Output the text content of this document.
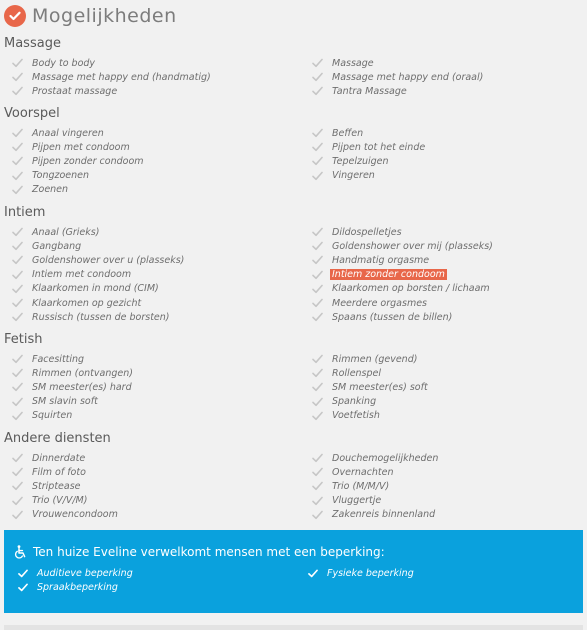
Mogelijkheden
Massage
Body to body
Massage met happy end (handmatig)
Prostaat massage
Massage
Massage met happy end (oraal)
Tantra Massage
Voorspel
Anaal vingeren
Pijpen met condoom
Pijpen zonder condoom
Tongzoenen
Zoenen
Beffen
Pijpen tot het einde
Tepelzuigen
Vingeren
Intiem
Anaal (Grieks)
Gangbang
Goldenshower over u (plasseks)
Intiem met condoom
Klaarkomen in mond (CIM)
Klaarkomen op gezicht
Russisch (tussen de borsten)
Dildospelletjes
Goldenshower over mij (plasseks)
Handmatig orgasme
Intiem zonder condoom
Klaarkomen op borsten / lichaam
Meerdere orgasmes
Spaans (tussen de billen)
Fetish
Facesitting
Rimmen (ontvangen)
SM meester(es) hard
SM slavin soft
Squirten
Rimmen (gevend)
Rollenspel
SM meester(es) soft
Spanking
Voetfetish
Andere diensten
Dinnerdate
Film of foto
Striptease
Trio (V/V/M)
Vrouwencondoom
Douchemogelijkheden
Overnachten
Trio (M/M/V)
Vluggertje
Zakenreis binnenland
Ten huize Eveline verwelkomt mensen met een beperking:
Auditieve beperking
Spraakbeperking
Fysieke beperking
